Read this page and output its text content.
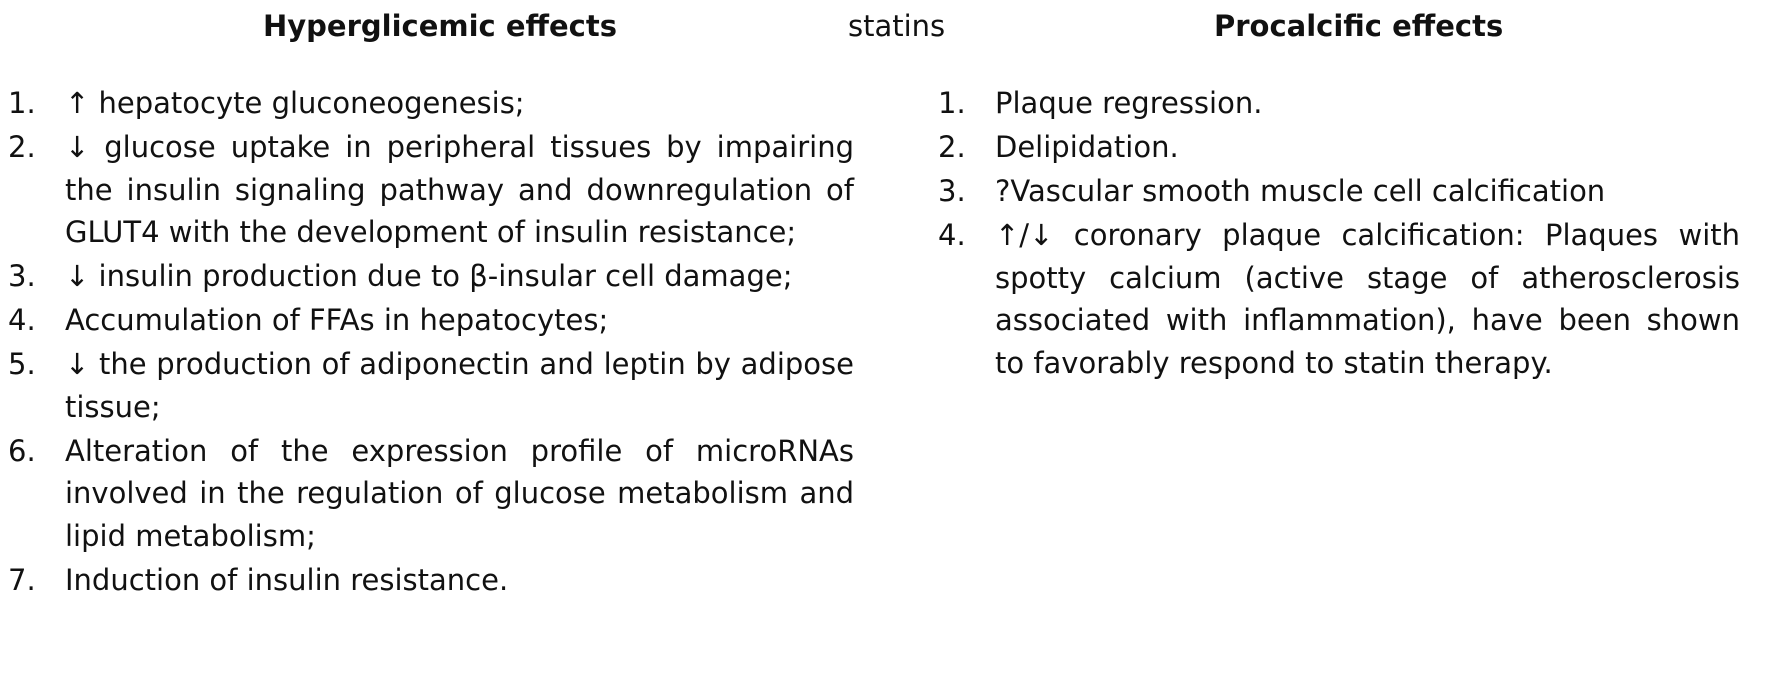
Hyperglicemic effects	statins	Procalcific effects
1.	↑ hepatocyte gluconeogenesis;
2.	↓ glucose uptake in peripheral tissues by impairing the insulin signaling pathway and downregulation of GLUT4 with the development of insulin resistance;
3.	↓ insulin production due to β-insular cell damage;
4.	Accumulation of FFAs in hepatocytes;
5.	↓ the production of adiponectin and leptin by adipose tissue;
6.	Alteration of the expression profile of microRNAs involved in the regulation of glucose metabolism and lipid metabolism;
7.	Induction of insulin resistance.
1.	Plaque regression.
2.	Delipidation.
3.	?Vascular smooth muscle cell calcification
4.	↑/↓ coronary plaque calcification: Plaques with spotty calcium (active stage of atherosclerosis associated with inflammation), have been shown to favorably respond to statin therapy.
